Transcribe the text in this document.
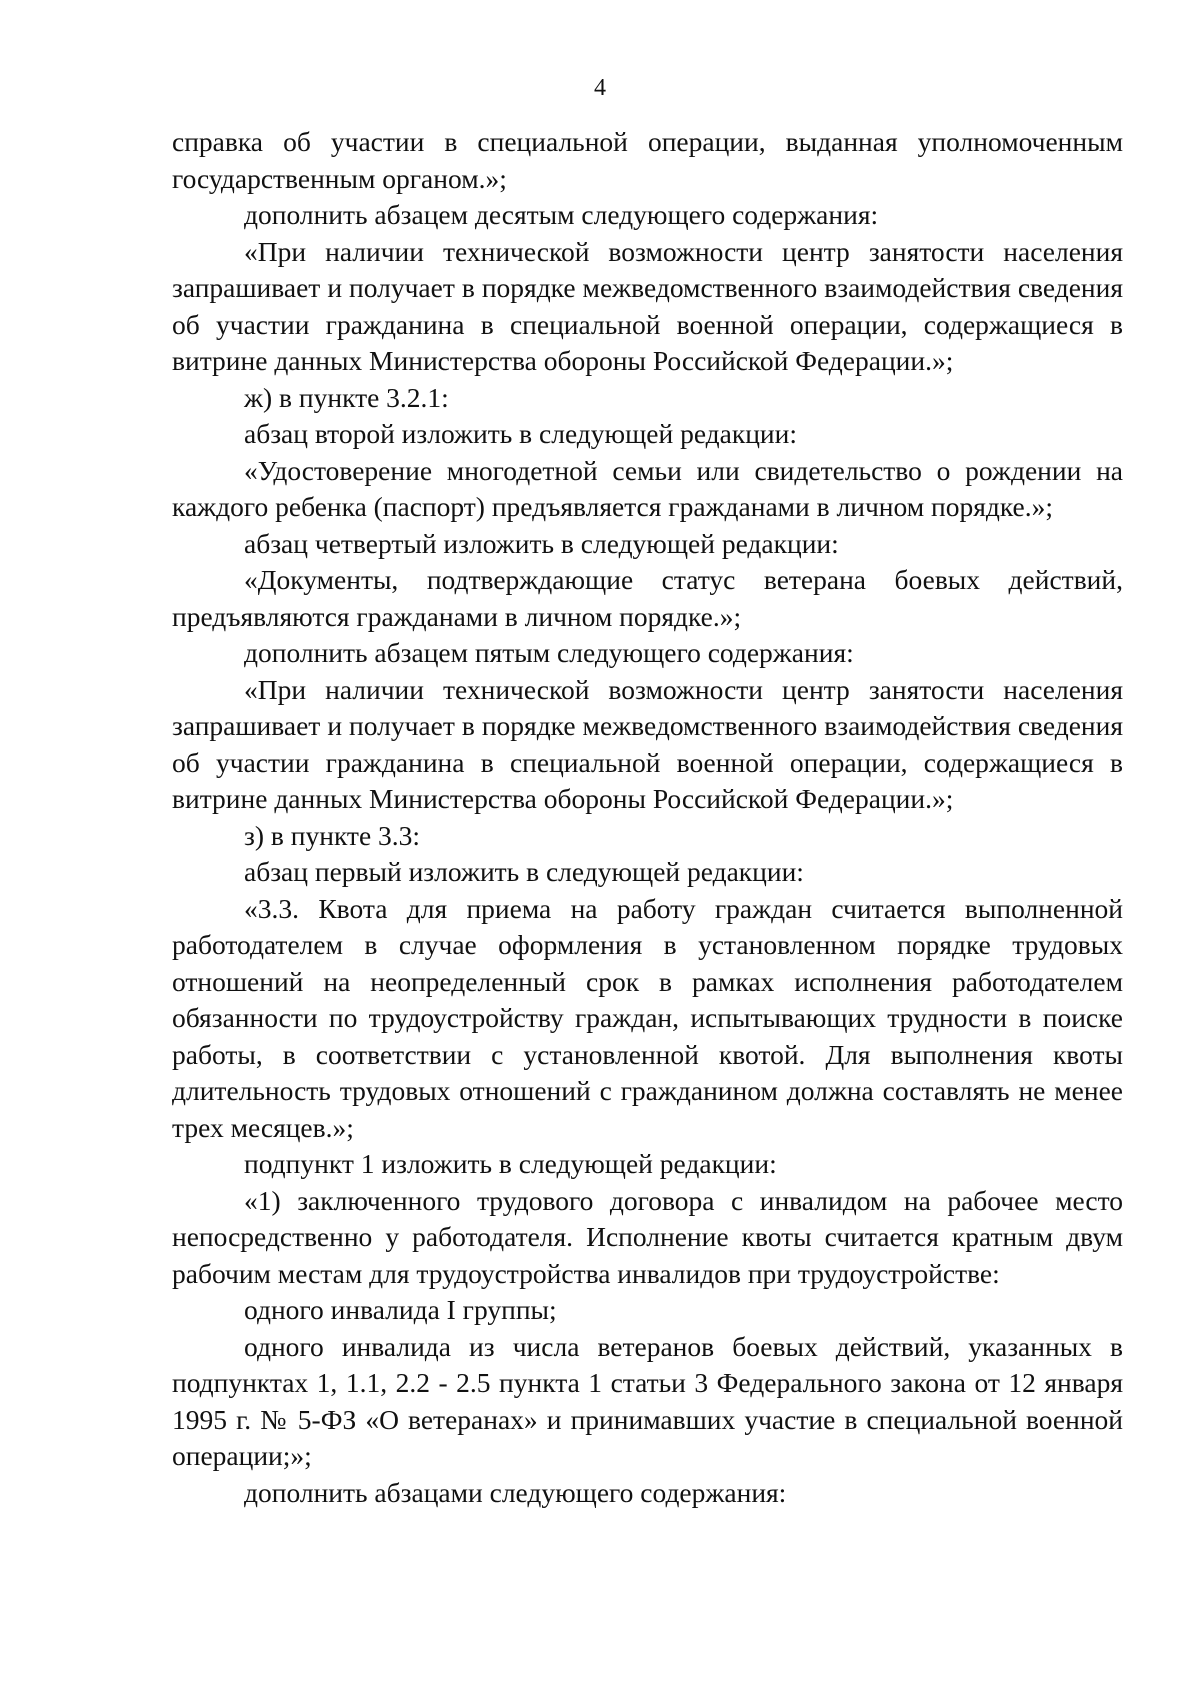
4

справка об участии в специальной операции, выданная уполномоченным государственным органом.»;

дополнить абзацем десятым следующего содержания:

«При наличии технической возможности центр занятости населения запрашивает и получает в порядке межведомственного взаимодействия сведения об участии гражданина в специальной военной операции, содержащиеся в витрине данных Министерства обороны Российской Федерации.»;

ж) в пункте 3.2.1:

абзац второй изложить в следующей редакции:

«Удостоверение многодетной семьи или свидетельство о рождении на каждого ребенка (паспорт) предъявляется гражданами в личном порядке.»;

абзац четвертый изложить в следующей редакции:

«Документы, подтверждающие статус ветерана боевых действий, предъявляются гражданами в личном порядке.»;

дополнить абзацем пятым следующего содержания:

«При наличии технической возможности центр занятости населения запрашивает и получает в порядке межведомственного взаимодействия сведения об участии гражданина в специальной военной операции, содержащиеся в витрине данных Министерства обороны Российской Федерации.»;

з) в пункте 3.3:

абзац первый изложить в следующей редакции:

«3.3. Квота для приема на работу граждан считается выполненной работодателем в случае оформления в установленном порядке трудовых отношений на неопределенный срок в рамках исполнения работодателем обязанности по трудоустройству граждан, испытывающих трудности в поиске работы, в соответствии с установленной квотой. Для выполнения квоты длительность трудовых отношений с гражданином должна составлять не менее трех месяцев.»;

подпункт 1 изложить в следующей редакции:

«1) заключенного трудового договора с инвалидом на рабочее место непосредственно у работодателя. Исполнение квоты считается кратным двум рабочим местам для трудоустройства инвалидов при трудоустройстве:

одного инвалида I группы;

одного инвалида из числа ветеранов боевых действий, указанных в подпунктах 1, 1.1, 2.2 - 2.5 пункта 1 статьи 3 Федерального закона от 12 января 1995 г. № 5-ФЗ «О ветеранах» и принимавших участие в специальной военной операции;»;

дополнить абзацами следующего содержания:
